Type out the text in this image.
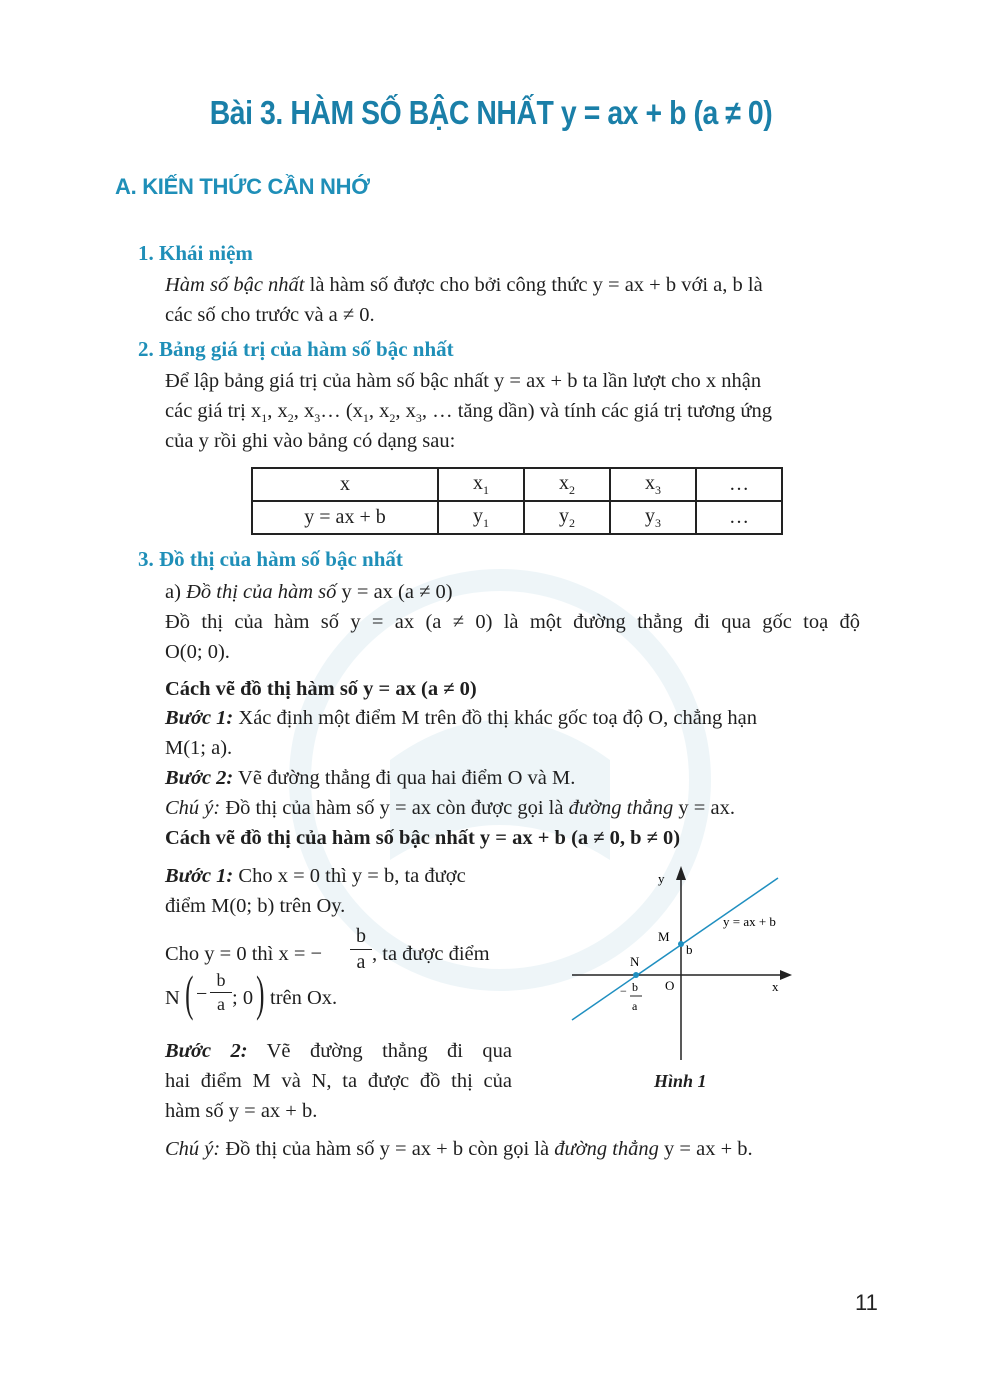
Bài 3. HÀM SỐ BẬC NHẤT y = ax + b (a ≠ 0)
A. KIẾN THỨC CẦN NHỚ
1. Khái niệm
Hàm số bậc nhất là hàm số được cho bởi công thức y = ax + b với a, b là
các số cho trước và a ≠ 0.
2. Bảng giá trị của hàm số bậc nhất
Để lập bảng giá trị của hàm số bậc nhất y = ax + b ta lần lượt cho x nhận
các giá trị $x_1$, $x_2$, $x_3\dots$ ($x_1$, $x_2$, $x_3$, … tăng dần) và tính các giá trị tương ứng
của y rồi ghi vào bảng có dạng sau:
x	$x_1$	$x_2$	$x_3$	…
y = ax + b	$y_1$	$y_2$	$y_3$	…
3. Đồ thị của hàm số bậc nhất
a) Đồ thị của hàm số y = ax (a ≠ 0)
Đồ thị của hàm số y = ax (a ≠ 0) là một đường thẳng đi qua gốc toạ độ
O(0; 0).
Cách vẽ đồ thị hàm số y = ax (a ≠ 0)
Bước 1: Xác định một điểm M trên đồ thị khác gốc toạ độ O, chẳng hạn
M(1; a).
Bước 2: Vẽ đường thẳng đi qua hai điểm O và M.
Chú ý: Đồ thị của hàm số y = ax còn được gọi là đường thẳng y = ax.
Cách vẽ đồ thị của hàm số bậc nhất y = ax + b (a ≠ 0, b ≠ 0)
Bước 1: Cho x = 0 thì y = b, ta được
điểm M(0; b) trên Oy.
Cho y = 0 thì x = −
b
a , ta được điểm
N ( −
b
a ; 0 ) trên Ox.
Bước 2: Vẽ đường thẳng đi qua
hai điểm M và N, ta được đồ thị của
hàm số y = ax + b.
Chú ý: Đồ thị của hàm số y = ax + b còn gọi là đường thẳng y = ax + b.
y
x
O
M
N
b
y = ax + b
− b
a
Hình 1
11
